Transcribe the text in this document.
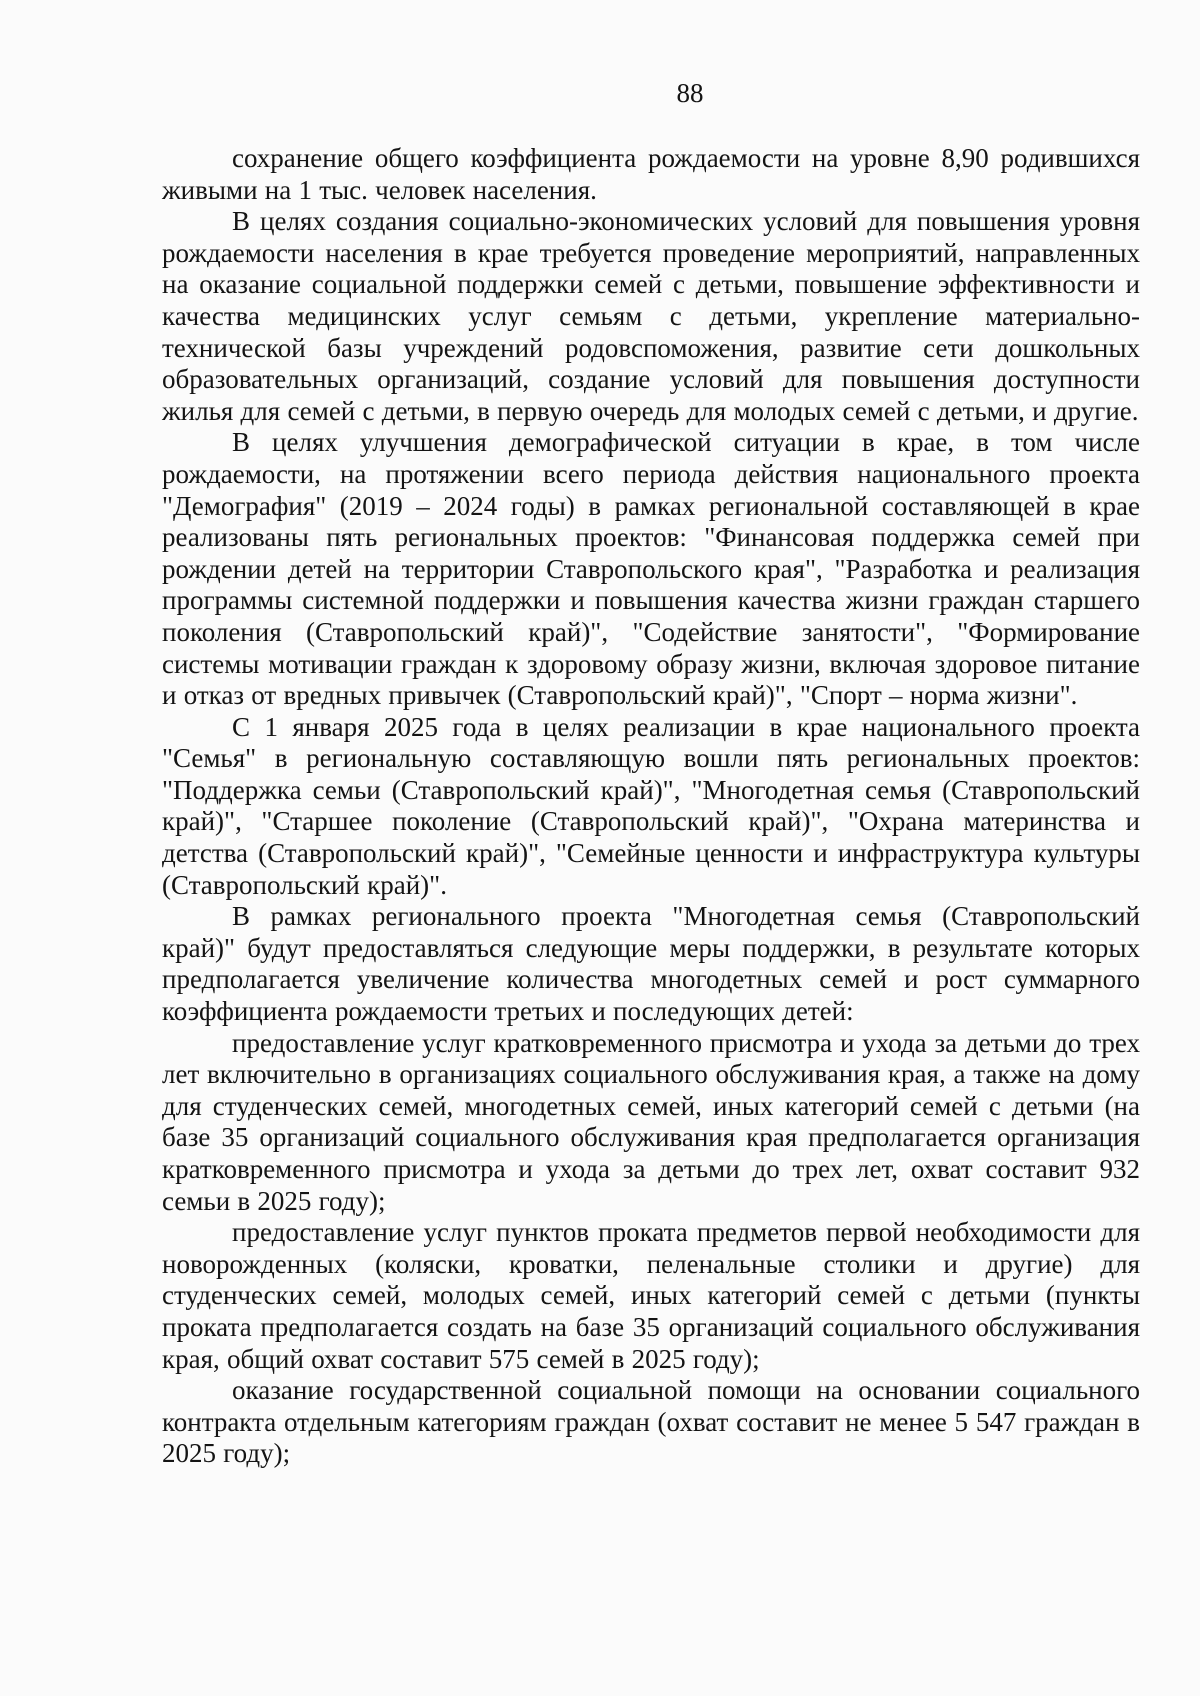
88

сохранение общего коэффициента рождаемости на уровне 8,90 родившихся живыми на 1 тыс. человек населения.

В целях создания социально-экономических условий для повышения уровня рождаемости населения в крае требуется проведение мероприятий, направленных на оказание социальной поддержки семей с детьми, повышение эффективности и качества медицинских услуг семьям с детьми, укрепление материально-технической базы учреждений родовспоможения, развитие сети дошкольных образовательных организаций, создание условий для повышения доступности жилья для семей с детьми, в первую очередь для молодых семей с детьми, и другие.

В целях улучшения демографической ситуации в крае, в том числе рождаемости, на протяжении всего периода действия национального проекта "Демография" (2019 – 2024 годы) в рамках региональной составляющей в крае реализованы пять региональных проектов: "Финансовая поддержка семей при рождении детей на территории Ставропольского края", "Разработка и реализация программы системной поддержки и повышения качества жизни граждан старшего поколения (Ставропольский край)", "Содействие занятости", "Формирование системы мотивации граждан к здоровому образу жизни, включая здоровое питание и отказ от вредных привычек (Ставропольский край)", "Спорт – норма жизни".

С 1 января 2025 года в целях реализации в крае национального проекта "Семья" в региональную составляющую вошли пять региональных проектов: "Поддержка семьи (Ставропольский край)", "Многодетная семья (Ставропольский край)", "Старшее поколение (Ставропольский край)", "Охрана материнства и детства (Ставропольский край)", "Семейные ценности и инфраструктура культуры (Ставропольский край)".

В рамках регионального проекта "Многодетная семья (Ставропольский край)" будут предоставляться следующие меры поддержки, в результате которых предполагается увеличение количества многодетных семей и рост суммарного коэффициента рождаемости третьих и последующих детей:

предоставление услуг кратковременного присмотра и ухода за детьми до трех лет включительно в организациях социального обслуживания края, а также на дому для студенческих семей, многодетных семей, иных категорий семей с детьми (на базе 35 организаций социального обслуживания края предполагается организация кратковременного присмотра и ухода за детьми до трех лет, охват составит 932 семьи в 2025 году);

предоставление услуг пунктов проката предметов первой необходимости для новорожденных (коляски, кроватки, пеленальные столики и другие) для студенческих семей, молодых семей, иных категорий семей с детьми (пункты проката предполагается создать на базе 35 организаций социального обслуживания края, общий охват составит 575 семей в 2025 году);

оказание государственной социальной помощи на основании социального контракта отдельным категориям граждан (охват составит не менее 5 547 граждан в 2025 году);
